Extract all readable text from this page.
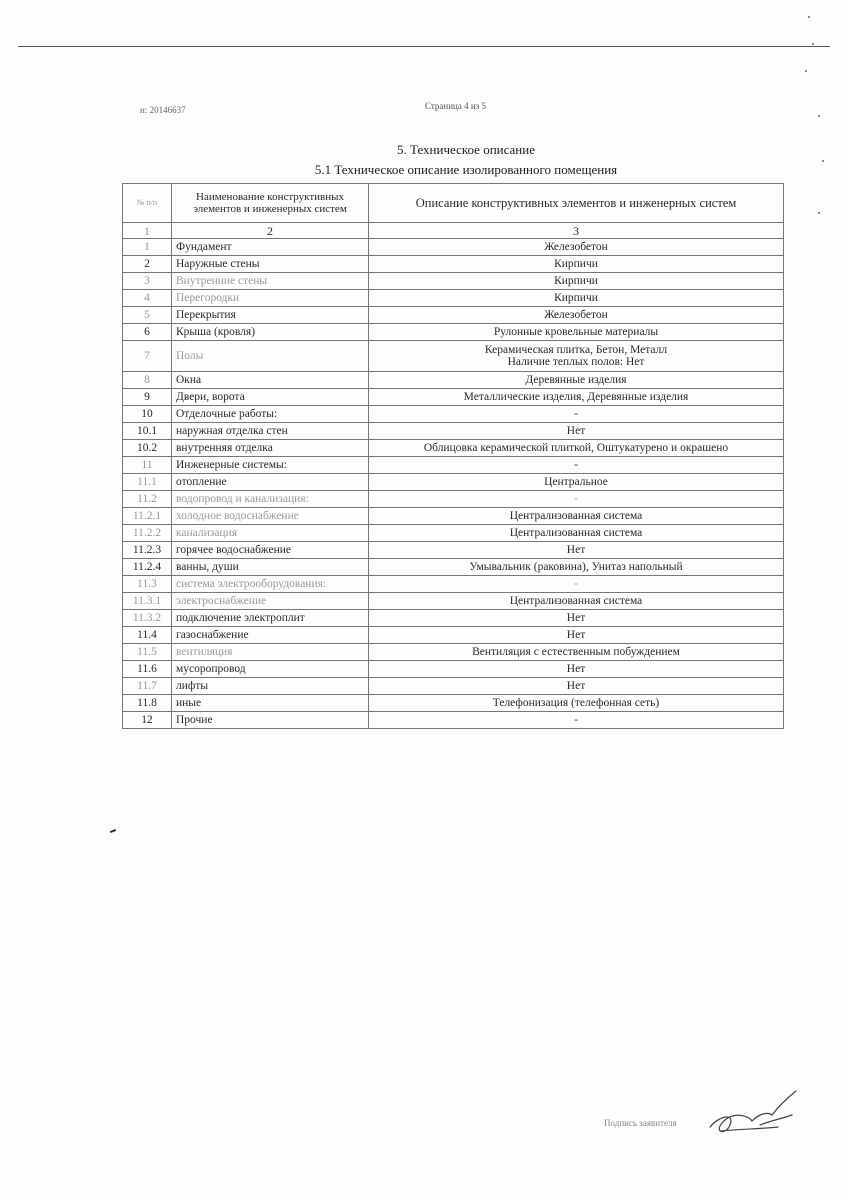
н: 20146637	Страница 4 из 5
5. Техническое описание
5.1 Техническое описание изолированного помещения
№ п/п	Наименование конструктивных элементов и инженерных систем	Описание конструктивных элементов и инженерных систем
1	2	3
1	Фундамент	Железобетон
2	Наружные стены	Кирпичи
3	Внутренние стены	Кирпичи
4	Перегородки	Кирпичи
5	Перекрытия	Железобетон
6	Крыша (кровля)	Рулонные кровельные материалы
7	Полы	Керамическая плитка, Бетон, Металл
Наличие теплых полов: Нет

8	Окна	Деревянные изделия
9	Двери, ворота	Металлические изделия, Деревянные изделия
10	Отделочные работы:	-
10.1	наружная отделка стен	Нет
10.2	внутренняя отделка	Облицовка керамической плиткой, Оштукатурено и окрашено
11	Инженерные системы:	-
11.1	отопление	Центральное
11.2	водопровод и канализация:	-
11.2.1	холодное водоснабжение	Централизованная система
11.2.2	канализация	Централизованная система
11.2.3	горячее водоснабжение	Нет
11.2.4	ванны, души	Умывальник (раковина), Унитаз напольный
11.3	система электрооборудования:	-
11.3.1	электроснабжение	Централизованная система
11.3.2	подключение электроплит	Нет
11.4	газоснабжение	Нет
11.5	вентиляция	Вентиляция с естественным побуждением
11.6	мусоропровод	Нет
11.7	лифты	Нет
11.8	иные	Телефонизация (телефонная сеть)
12	Прочие	-
Подпись заявителя
